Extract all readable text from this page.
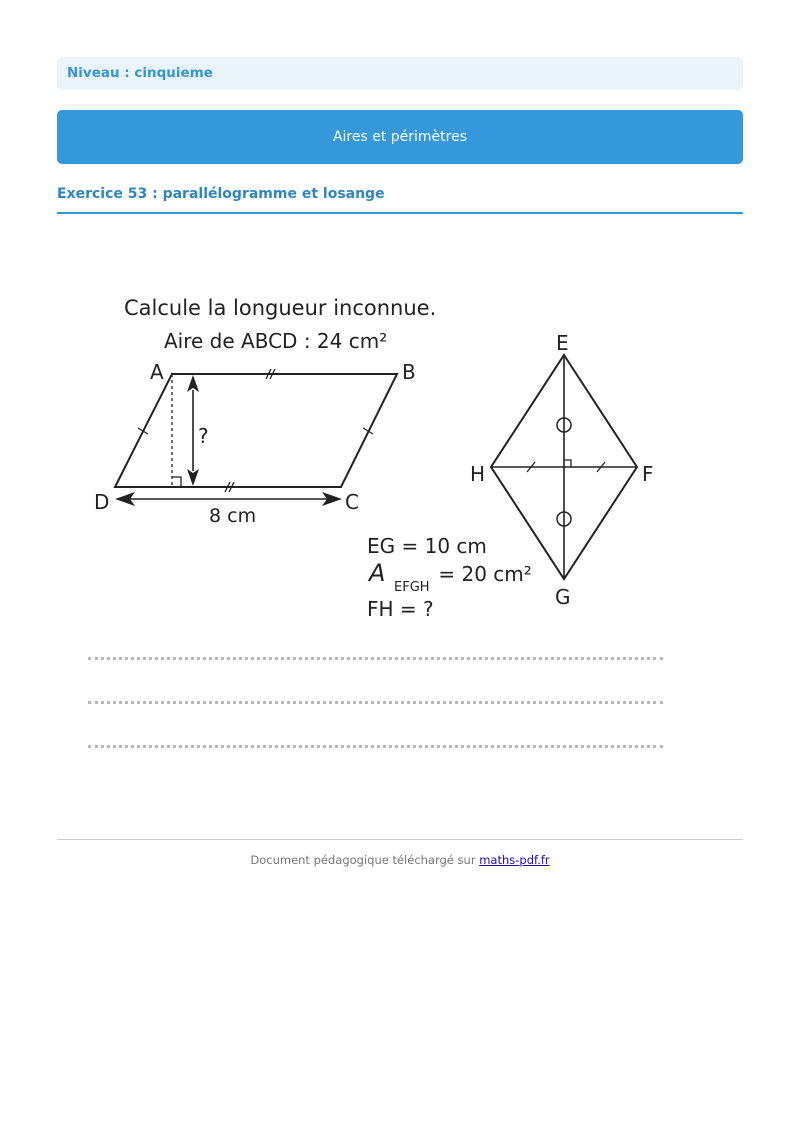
Niveau : cinquieme
Aires et périmètres
Exercice 53 : parallélogramme et losange
Calcule la longueur inconnue.
Aire de ABCD : 24 cm²
?
A	B
C
D
8 cm
E
F
G
H
EG = 10 cm
A
EFGH
= 20 cm²
FH = ?
Document pédagogique téléchargé sur maths-pdf.fr
